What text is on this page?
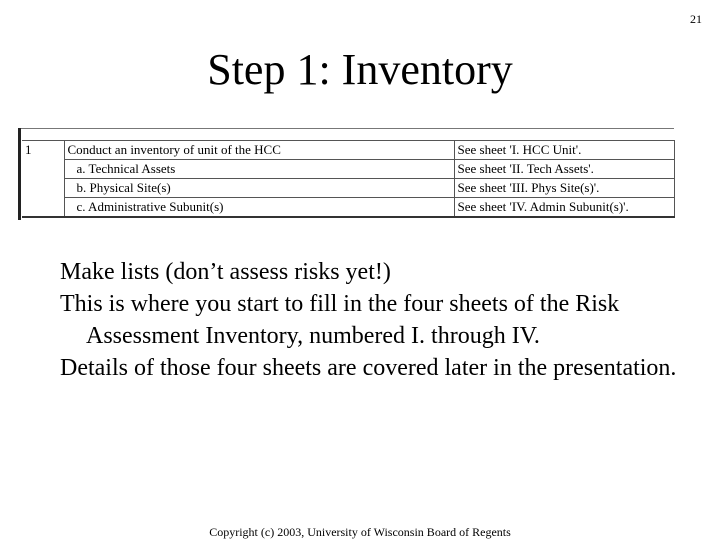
21
Step 1: Inventory
1	Conduct an inventory of unit of the HCC	See sheet 'I. HCC Unit'.
	a. Technical Assets	See sheet 'II. Tech Assets'.
	b. Physical Site(s)	See sheet 'III. Phys Site(s)'.
	c. Administrative Subunit(s)	See sheet 'IV. Admin Subunit(s)'.

Make lists (don’t assess risks yet!)

This is where you start to fill in the four sheets of the Risk Assessment Inventory, numbered I. through IV.

Details of those four sheets are covered later in the presentation.

Copyright (c) 2003, University of Wisconsin Board of Regents
